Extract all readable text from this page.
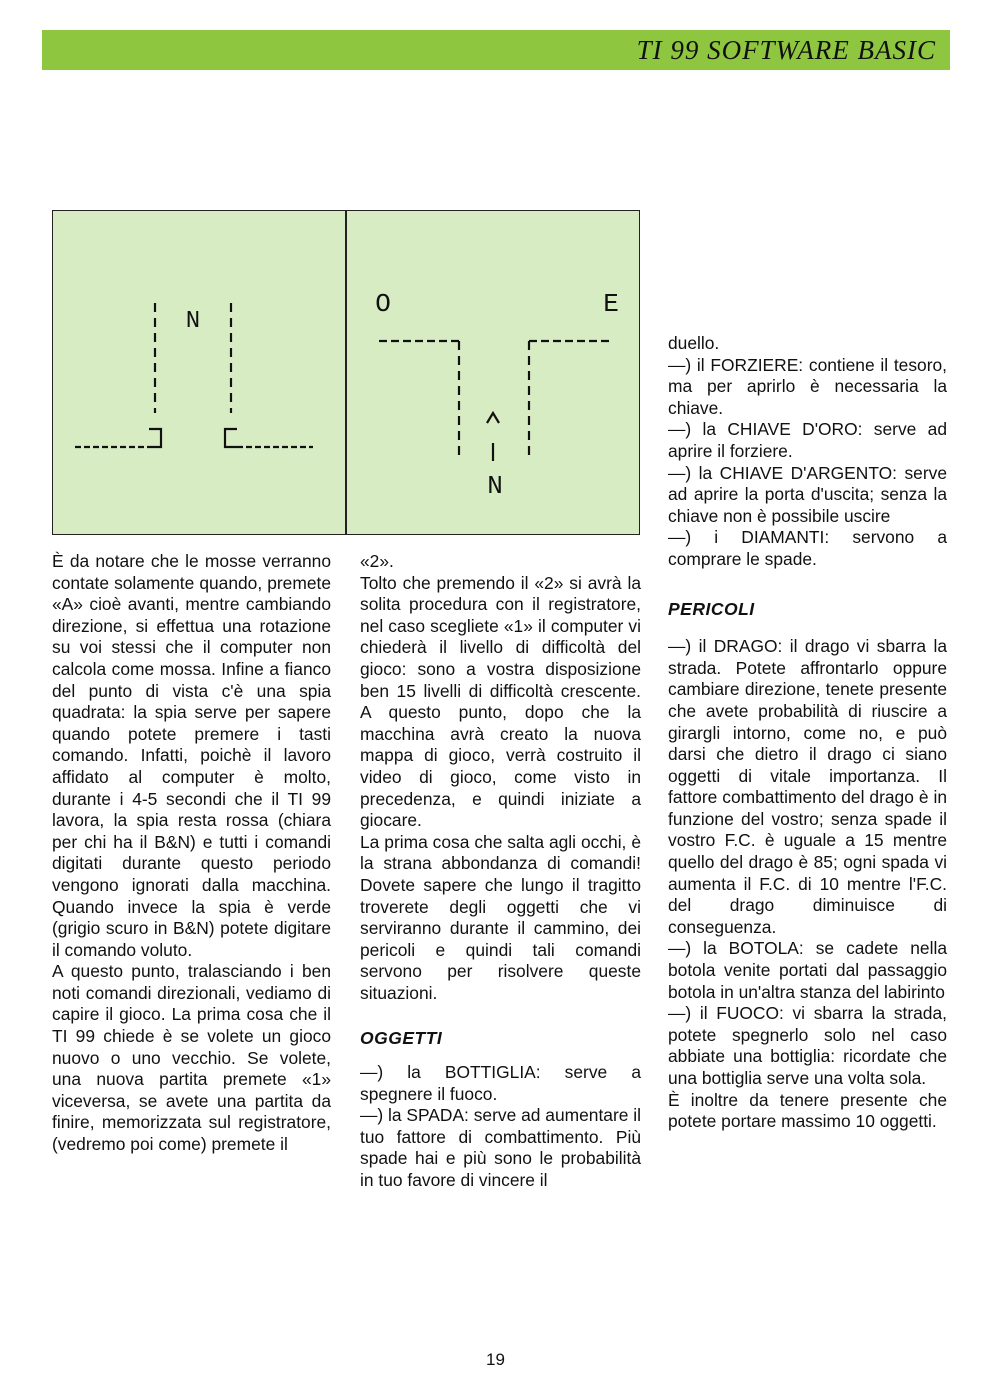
TI 99 SOFTWARE BASIC
N
O	E
N

È da notare che le mosse verranno contate solamente quando, premete «A» cioè avanti, mentre cambiando direzione, si effettua una rotazione su voi stessi che il computer non calcola come mossa. Infine a fianco del punto di vista c'è una spia quadrata: la spia serve per sapere quando potete premere i tasti comando. Infatti, poichè il lavoro affidato al computer è molto, durante i 4-5 secondi che il TI 99 lavora, la spia resta rossa (chiara per chi ha il B&N) e tutti i comandi digitati durante questo periodo vengono ignorati dalla macchina. Quando invece la spia è verde (grigio scuro in B&N) potete digitare il comando voluto.

A questo punto, tralasciando i ben noti comandi direzionali, vediamo di capire il gioco. La prima cosa che il TI 99 chiede è se volete un gioco nuovo o uno vecchio. Se volete, una nuova partita premete «1» viceversa, se avete una partita da finire, memorizzata sul registratore, (vedremo poi come) premete il

«2».

Tolto che premendo il «2» si avrà la solita procedura con il registratore, nel caso scegliete «1» il computer vi chiederà il livello di difficoltà del gioco: sono a vostra disposizione ben 15 livelli di difficoltà crescente. A questo punto, dopo che la macchina avrà creato la nuova mappa di gioco, verrà costruito il video di gioco, come visto in precedenza, e quindi iniziate a giocare.

La prima cosa che salta agli occhi, è la strana abbondanza di comandi! Dovete sapere che lungo il tragitto troverete degli oggetti che vi serviranno durante il cammino, dei pericoli e quindi tali comandi servono per risolvere queste situazioni.

OGGETTI

—) la BOTTIGLIA: serve a spegnere il fuoco.

—) la SPADA: serve ad aumentare il tuo fattore di combattimento. Più spade hai e più sono le probabilità in tuo favore di vincere il

duello.

—) il FORZIERE: contiene il tesoro, ma per aprirlo è necessaria la chiave.

—) la CHIAVE D'ORO: serve ad aprire il forziere.

—) la CHIAVE D'ARGENTO: serve ad aprire la porta d'uscita; senza la chiave non è possibile uscire

—) i DIAMANTI: servono a comprare le spade.

PERICOLI

—) il DRAGO: il drago vi sbarra la strada. Potete affrontarlo oppure cambiare direzione, tenete presente che avete probabilità di riuscire a girargli intorno, come no, e può darsi che dietro il drago ci siano oggetti di vitale importanza. Il fattore combattimento del drago è in funzione del vostro; senza spade il vostro F.C. è uguale a 15 mentre quello del drago è 85; ogni spada vi aumenta il F.C. di 10 mentre l'F.C. del drago diminuisce di conseguenza.

—) la BOTOLA: se cadete nella botola venite portati dal passaggio botola in un'altra stanza del labirinto

—) il FUOCO: vi sbarra la strada, potete spegnerlo solo nel caso abbiate una bottiglia: ricordate che una bottiglia serve una volta sola.

È inoltre da tenere presente che potete portare massimo 10 oggetti.

19
